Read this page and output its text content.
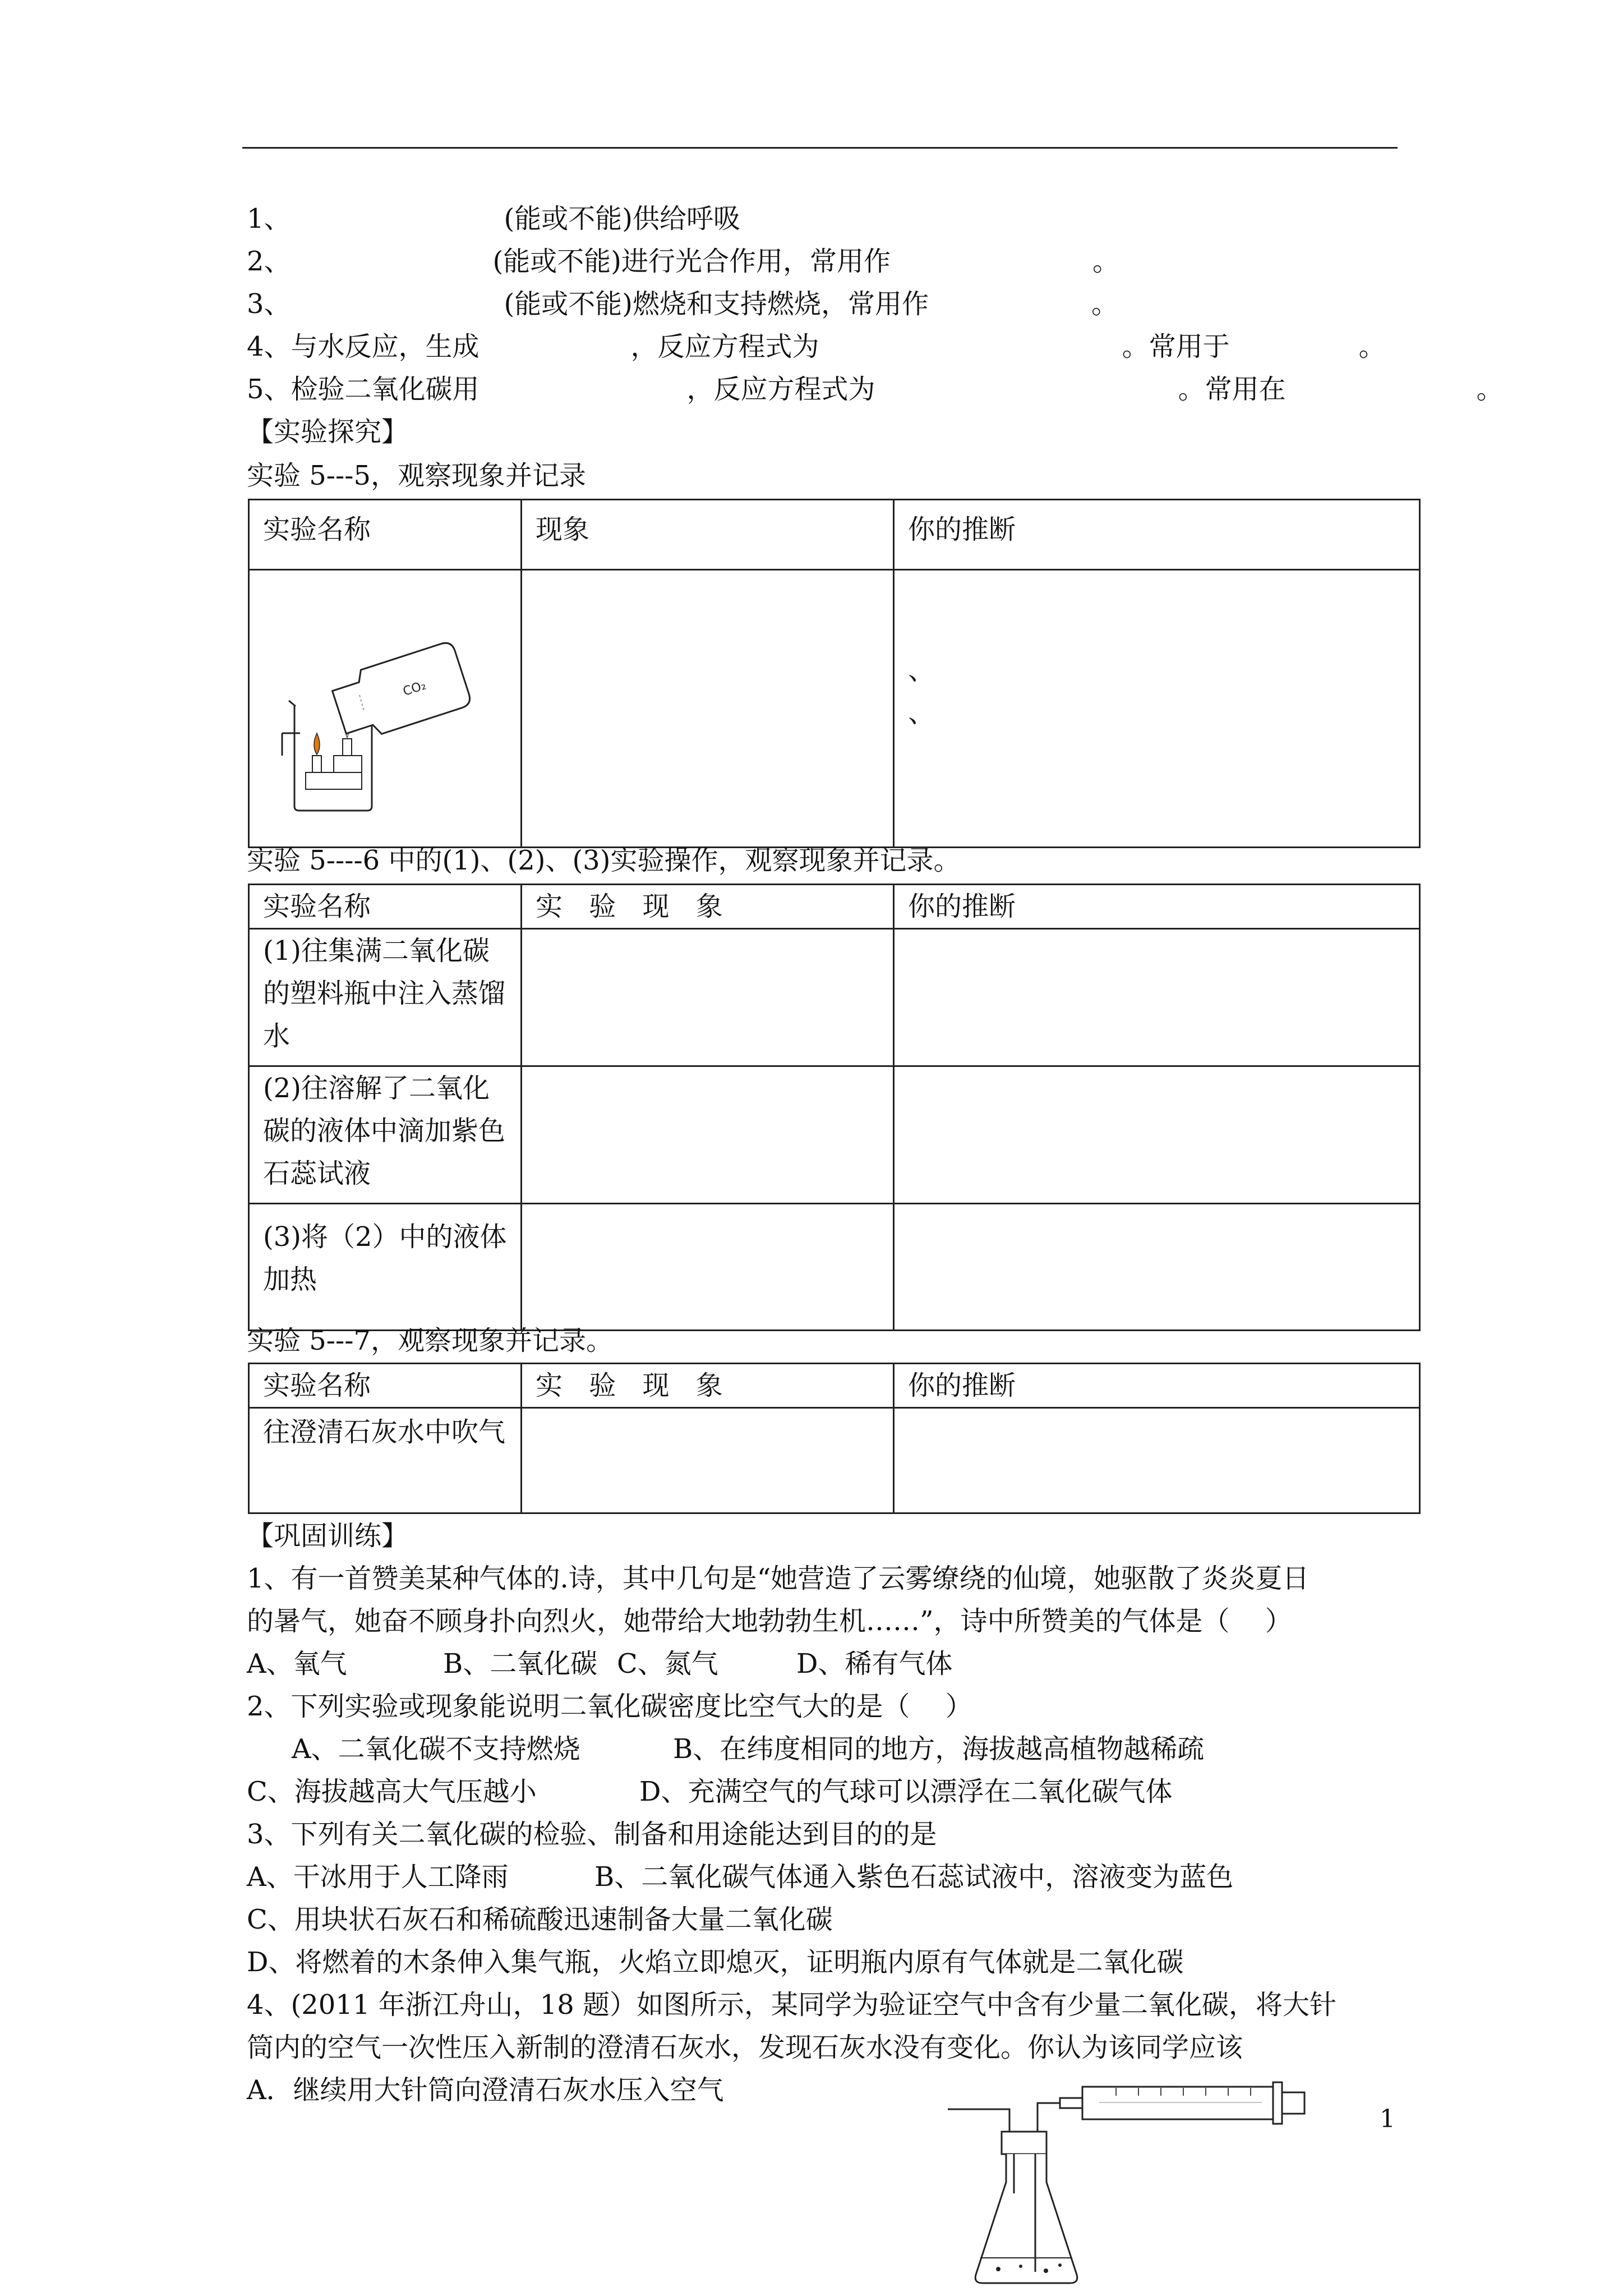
1、	(能或不能)供给呼吸
2、	(能或不能)进行光合作用，常用作	。
3、	(能或不能)燃烧和支持燃烧，常用作	。
4、与水反应，生成	，反应方程式为	。常用于	。
5、检验二氧化碳用	，反应方程式为	。常用在	。
【实验探究】
实验 5---5，观察现象并记录
实验名称	现象	你的推断

CO₂		、
、
实验 5----6 中的(1)、(2)、(3)实验操作，观察现象并记录。
实验名称	实 验 现 象	你的推断
(1)往集满二氧化碳的塑料瓶中注入蒸馏水		
(2)往溶解了二氧化碳的液体中滴加紫色石蕊试液		
(3)将（2）中的液体加热		
实验 5---7，观察现象并记录。
实验名称	实 验 现 象	你的推断
往澄清石灰水中吹气		
【巩固训练】
1、有一首赞美某种气体的.诗，其中几句是“她营造了云雾缭绕的仙境，她驱散了炎炎夏日
的暑气，她奋不顾身扑向烈火，她带给大地勃勃生机……”，诗中所赞美的气体是（　 ）
A、氧气	B、二氧化碳 C、氮气	D、稀有气体
2、下列实验或现象能说明二氧化碳密度比空气大的是（　 ）
A、二氧化碳不支持燃烧	B、在纬度相同的地方，海拔越高植物越稀疏
C、海拔越高大气压越小	D、充满空气的气球可以漂浮在二氧化碳气体
3、下列有关二氧化碳的检验、制备和用途能达到目的的是
A、干冰用于人工降雨	B、二氧化碳气体通入紫色石蕊试液中，溶液变为蓝色
C、用块状石灰石和稀硫酸迅速制备大量二氧化碳
D、将燃着的木条伸入集气瓶，火焰立即熄灭，证明瓶内原有气体就是二氧化碳
4、(2011 年浙江舟山，18 题）如图所示，某同学为验证空气中含有少量二氧化碳，将大针
筒内的空气一次性压入新制的澄清石灰水，发现石灰水没有变化。你认为该同学应该
A．继续用大针筒向澄清石灰水压入空气
1
